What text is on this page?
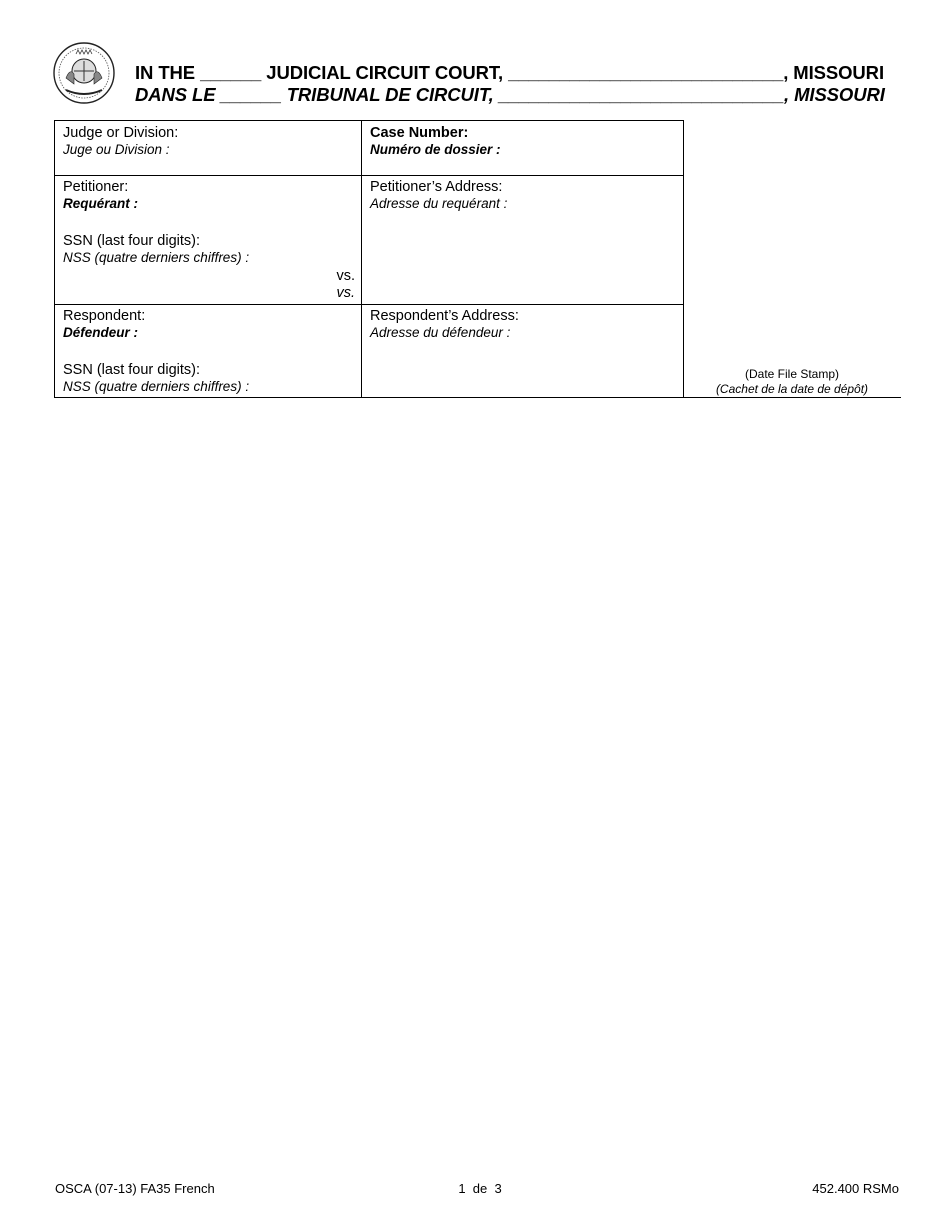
IN THE ______ JUDICIAL CIRCUIT COURT, ___________________________, MISSOURI
DANS LE ______ TRIBUNAL DE CIRCUIT, ____________________________, MISSOURI
Judge or Division:
Juge ou Division :
Case Number:
Numéro de dossier :
Petitioner:
Requérant :
SSN (last four digits):
NSS (quatre derniers chiffres) :
vs.
vs.
Petitioner’s Address:
Adresse du requérant :
Respondent:
Défendeur :
SSN (last four digits):
NSS (quatre derniers chiffres) :
Respondent’s Address:
Adresse du défendeur :
(Date File Stamp)
(Cachet de la date de dépôt)
OSCA (07-13) FA35 French	1  de  3	452.400 RSMo
